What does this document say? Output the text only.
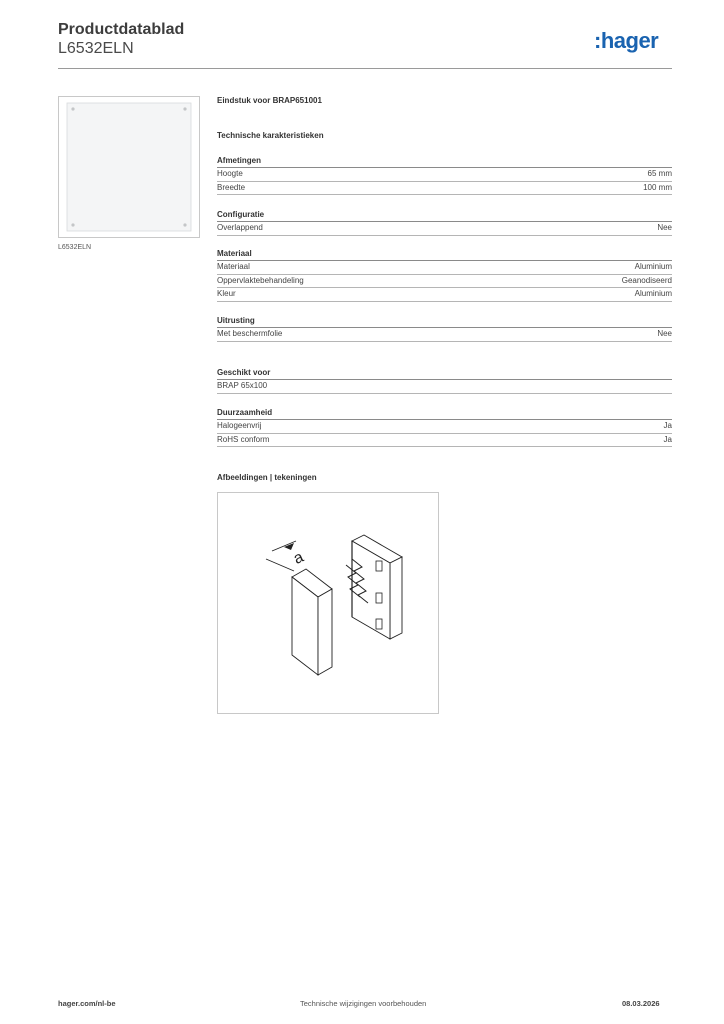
Productdatablad
L6532ELN	:hager
L6532ELN
Eindstuk voor BRAP651001
Technische karakteristieken
Afmetingen
Hoogte	65 mm
Breedte	100 mm
Configuratie
Overlappend	Nee
Materiaal
Materiaal	Aluminium
Oppervlaktebehandeling	Geanodiseerd
Kleur	Aluminium
Uitrusting
Met beschermfolie	Nee
Geschikt voor
BRAP 65x100
Duurzaamheid
Halogeenvrij	Ja
RoHS conform	Ja
Afbeeldingen | tekeningen
a
hager.com/nl-be	Technische wijzigingen voorbehouden	08.03.2026
